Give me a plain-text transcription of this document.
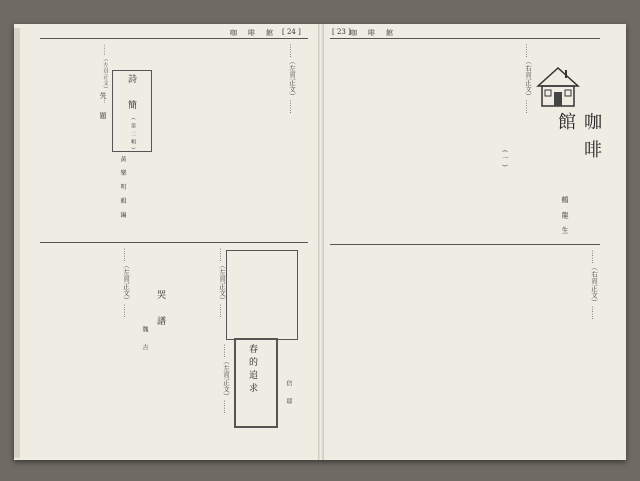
咖　啡　館 [ 24 ]
……（左頁正文）…… 詩　簡
(第二輯)
黃 樂 明 輯 編
失　題	……（左頁正文）……
哭　譜
魏　吉
……（左頁正文）……	……（左頁正文）……
春的追求	倍　耶
……（左頁正文）……
[ 23 ] 咖　啡　館
……（右頁正文）……
咖啡館
鶴 龍 生
(一)
……（右頁正文）……
